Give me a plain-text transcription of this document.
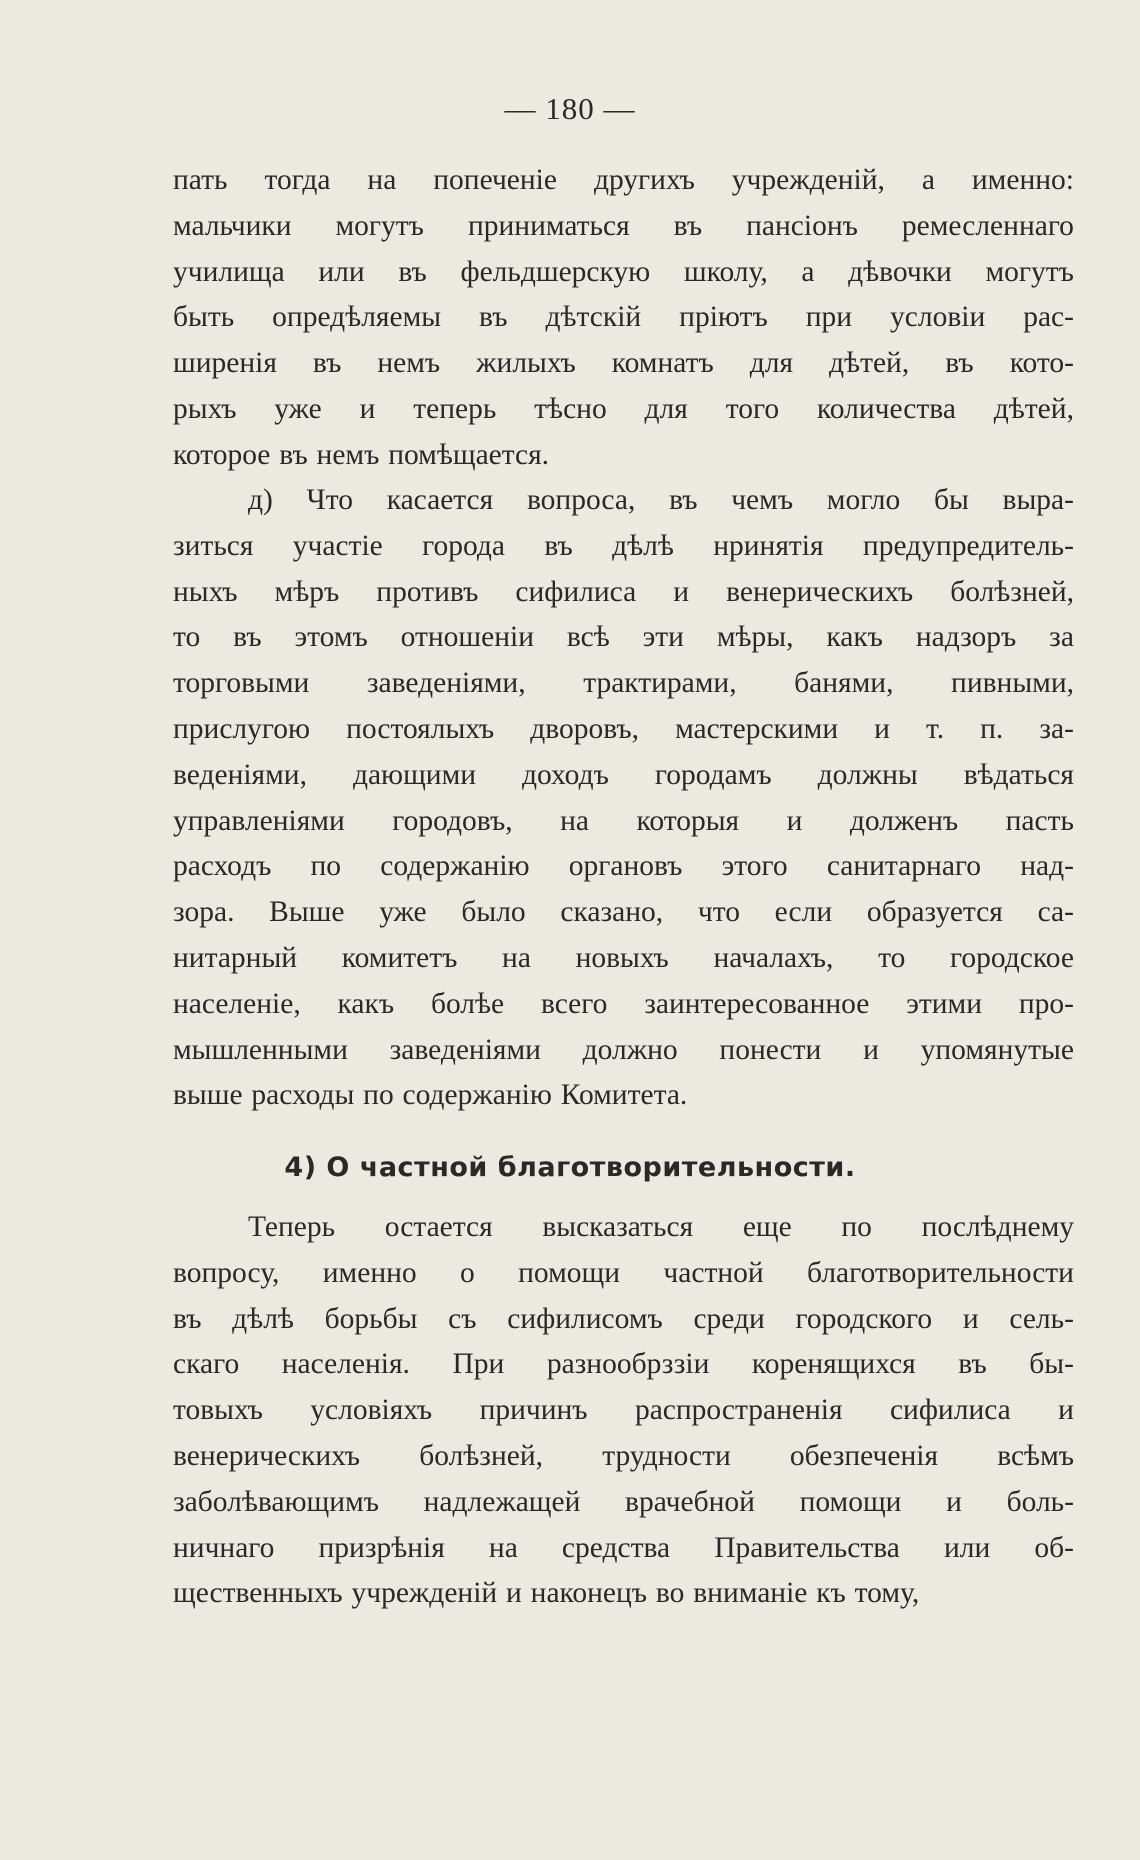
— 180 —
пать тогда на попеченіе другихъ учрежденій, а именно:
мальчики могутъ приниматься въ пансіонъ ремесленнаго
училища или въ фельдшерскую школу, а дѣвочки могутъ
быть опредѣляемы въ дѣтскій пріютъ при условіи рас-
ширенія въ немъ жилыхъ комнатъ для дѣтей, въ кото-
рыхъ уже и теперь тѣсно для того количества дѣтей,
которое въ немъ помѣщается.
д) Что касается вопроса, въ чемъ могло бы выра-
зиться участіе города въ дѣлѣ нринятія предупредитель-
ныхъ мѣръ противъ сифилиса и венерическихъ болѣзней,
то въ этомъ отношеніи всѣ эти мѣры, какъ надзоръ за
торговыми заведеніями, трактирами, банями, пивными,
прислугою постоялыхъ дворовъ, мастерскими и т. п. за-
веденіями, дающими доходъ городамъ должны вѣдаться
управленіями городовъ, на которыя и долженъ пасть
расходъ по содержанію органовъ этого санитарнаго над-
зора. Выше уже было сказано, что если образуется са-
нитарный комитетъ на новыхъ началахъ, то городское
населеніе, какъ болѣе всего заинтересованное этими про-
мышленными заведеніями должно понести и упомянутые
выше расходы по содержанію Комитета.
4) О частной благотворительности.
Теперь остается высказаться еще по послѣднему
вопросу, именно о помощи частной благотворительности
въ дѣлѣ борьбы съ сифилисомъ среди городского и сель-
скаго населенія. При разнообрззіи коренящихся въ бы-
товыхъ условіяхъ причинъ распространенія сифилиса и
венерическихъ болѣзней, трудности обезпеченія всѣмъ
заболѣвающимъ надлежащей врачебной помощи и боль-
ничнаго призрѣнія на средства Правительства или об-
щественныхъ учрежденій и наконецъ во вниманіе къ тому,
